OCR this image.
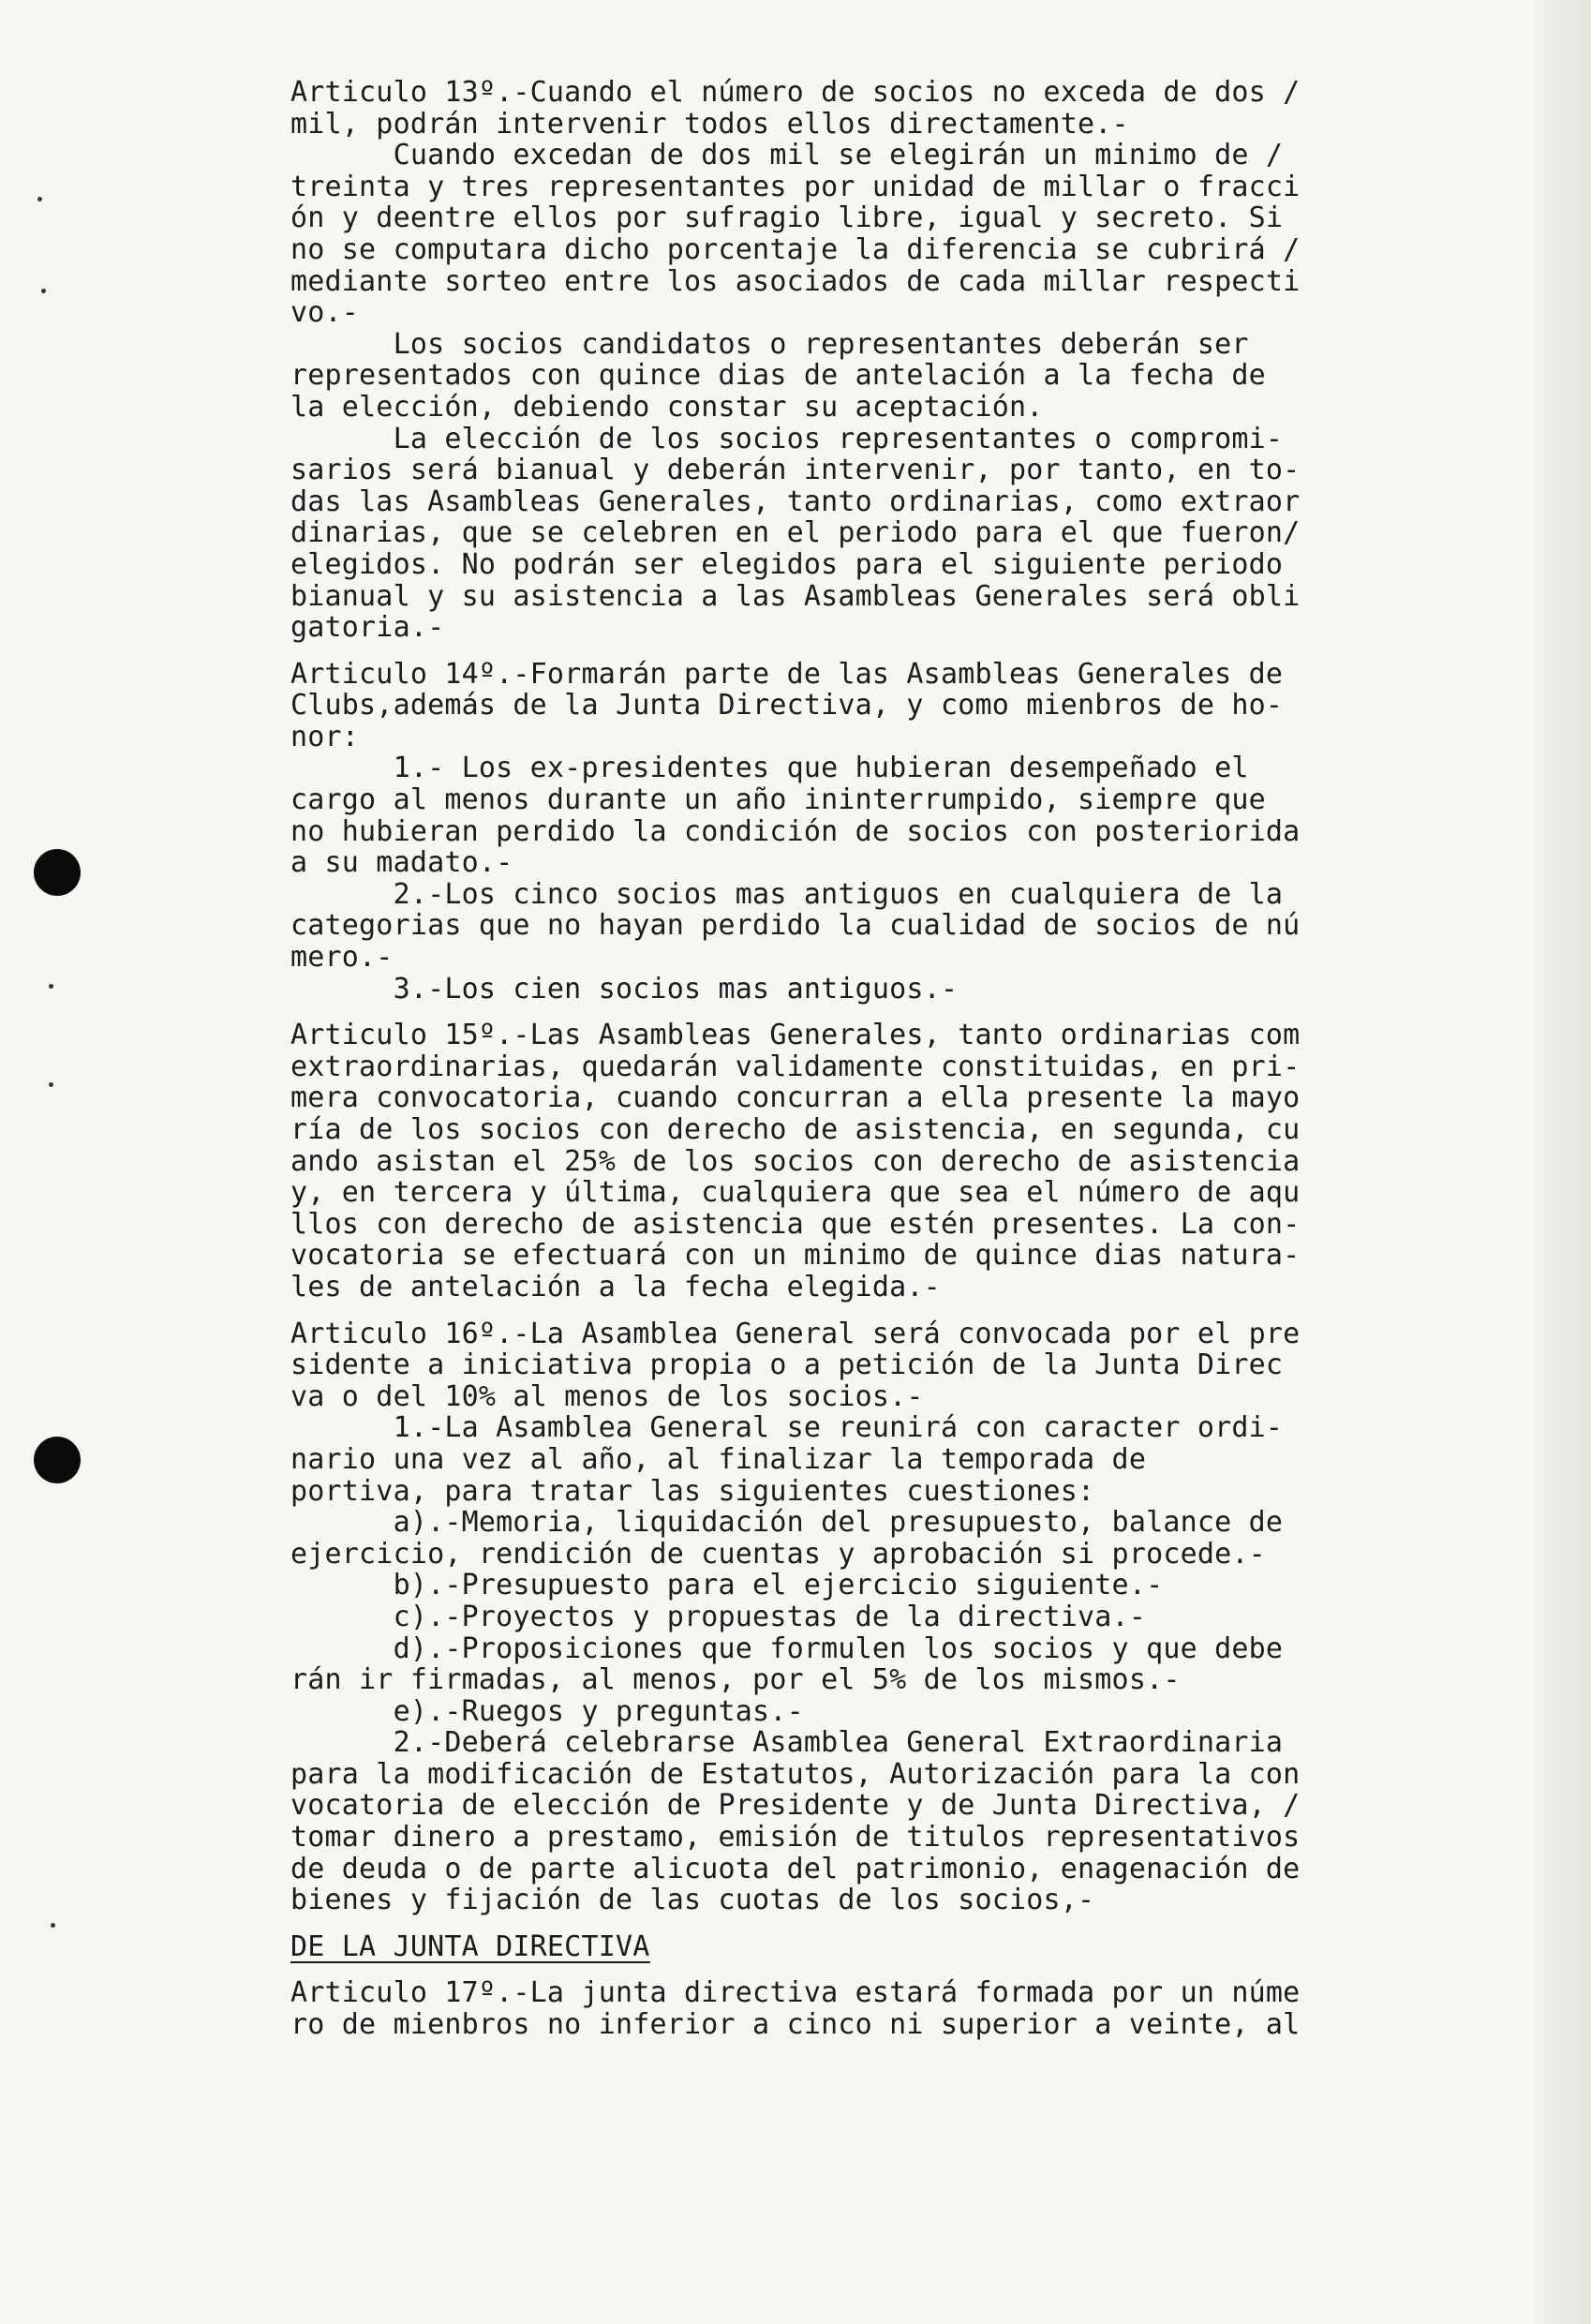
Articulo 13º.-Cuando el número de socios no exceda de dos /
mil, podrán intervenir todos ellos directamente.-
Cuando excedan de dos mil se elegirán un minimo de /
treinta y tres representantes por unidad de millar o fracci
ón y deentre ellos por sufragio libre, igual y secreto. Si
no se computara dicho porcentaje la diferencia se cubrirá /
mediante sorteo entre los asociados de cada millar respecti
vo.-
Los socios candidatos o representantes deberán ser
representados con quince dias de antelación a la fecha de
la elección, debiendo constar su aceptación.
La elección de los socios representantes o compromi-
sarios será bianual y deberán intervenir, por tanto, en to-
das las Asambleas Generales, tanto ordinarias, como extraor
dinarias, que se celebren en el periodo para el que fueron/
elegidos. No podrán ser elegidos para el siguiente periodo
bianual y su asistencia a las Asambleas Generales será obli
gatoria.-
Articulo 14º.-Formarán parte de las Asambleas Generales de
Clubs,además de la Junta Directiva, y como mienbros de ho-
nor:
1.- Los ex-presidentes que hubieran desempeñado el
cargo al menos durante un año ininterrumpido, siempre que
no hubieran perdido la condición de socios con posteriorida
a su madato.-
2.-Los cinco socios mas antiguos en cualquiera de la
categorias que no hayan perdido la cualidad de socios de nú
mero.-
3.-Los cien socios mas antiguos.-
Articulo 15º.-Las Asambleas Generales, tanto ordinarias com
extraordinarias, quedarán validamente constituidas, en pri-
mera convocatoria, cuando concurran a ella presente la mayo
ría de los socios con derecho de asistencia, en segunda, cu
ando asistan el 25% de los socios con derecho de asistencia
y, en tercera y última, cualquiera que sea el número de aqu
llos con derecho de asistencia que estén presentes. La con-
vocatoria se efectuará con un minimo de quince dias natura-
les de antelación a la fecha elegida.-
Articulo 16º.-La Asamblea General será convocada por el pre
sidente a iniciativa propia o a petición de la Junta Direc
va o del 10% al menos de los socios.-
1.-La Asamblea General se reunirá con caracter ordi-
nario una vez al año, al finalizar la temporada de
portiva, para tratar las siguientes cuestiones:
a).-Memoria, liquidación del presupuesto, balance de
ejercicio, rendición de cuentas y aprobación si procede.-
b).-Presupuesto para el ejercicio siguiente.-
c).-Proyectos y propuestas de la directiva.-
d).-Proposiciones que formulen los socios y que debe
rán ir firmadas, al menos, por el 5% de los mismos.-
e).-Ruegos y preguntas.-
2.-Deberá celebrarse Asamblea General Extraordinaria
para la modificación de Estatutos, Autorización para la con
vocatoria de elección de Presidente y de Junta Directiva, /
tomar dinero a prestamo, emisión de titulos representativos
de deuda o de parte alicuota del patrimonio, enagenación de
bienes y fijación de las cuotas de los socios,-
DE LA JUNTA DIRECTIVA
Articulo 17º.-La junta directiva estará formada por un núme
ro de mienbros no inferior a cinco ni superior a veinte, al
